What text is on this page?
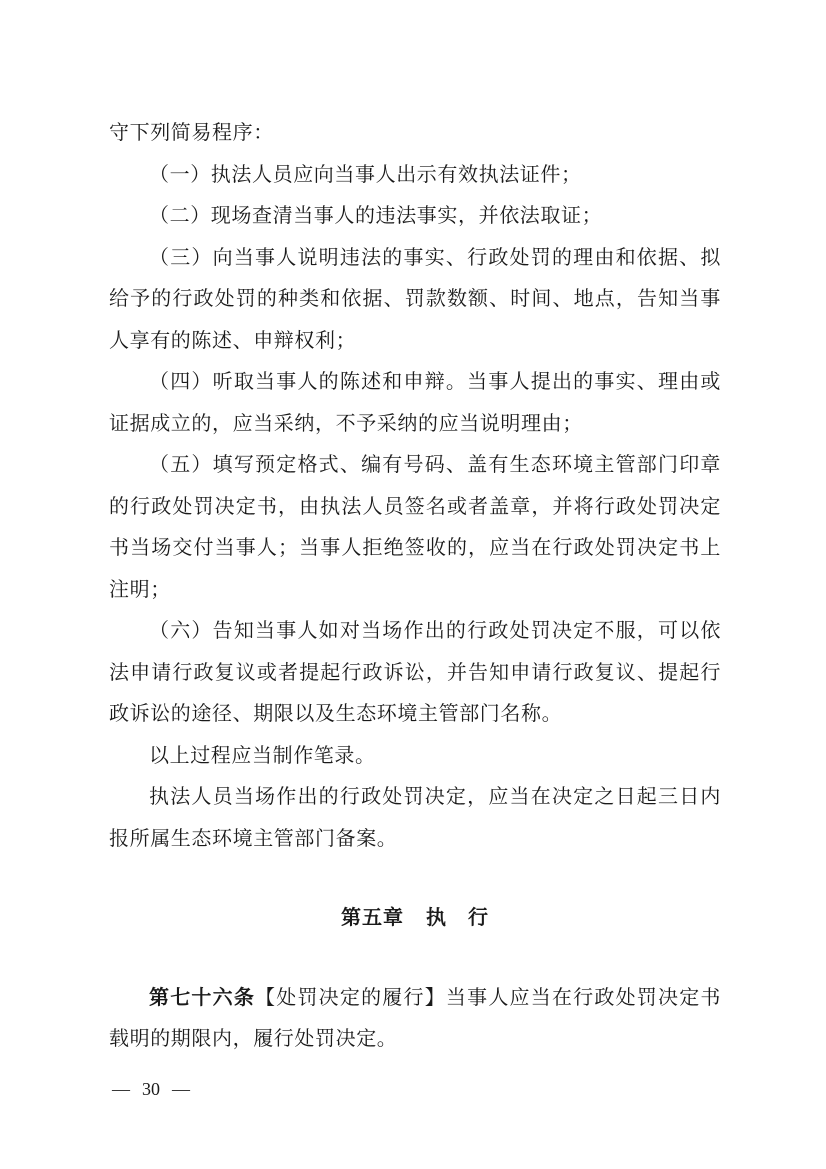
守下列简易程序：

（一）执法人员应向当事人出示有效执法证件；

（二）现场查清当事人的违法事实，并依法取证；

（三）向当事人说明违法的事实、行政处罚的理由和依据、拟给予的行政处罚的种类和依据、罚款数额、时间、地点，告知当事人享有的陈述、申辩权利；

（四）听取当事人的陈述和申辩。当事人提出的事实、理由或证据成立的，应当采纳，不予采纳的应当说明理由；

（五）填写预定格式、编有号码、盖有生态环境主管部门印章的行政处罚决定书，由执法人员签名或者盖章，并将行政处罚决定书当场交付当事人；当事人拒绝签收的，应当在行政处罚决定书上注明；

（六）告知当事人如对当场作出的行政处罚决定不服，可以依法申请行政复议或者提起行政诉讼，并告知申请行政复议、提起行政诉讼的途径、期限以及生态环境主管部门名称。

以上过程应当制作笔录。

执法人员当场作出的行政处罚决定，应当在决定之日起三日内报所属生态环境主管部门备案。

第五章 执　行

第七十六条【处罚决定的履行】当事人应当在行政处罚决定书载明的期限内，履行处罚决定。

— 30 —
